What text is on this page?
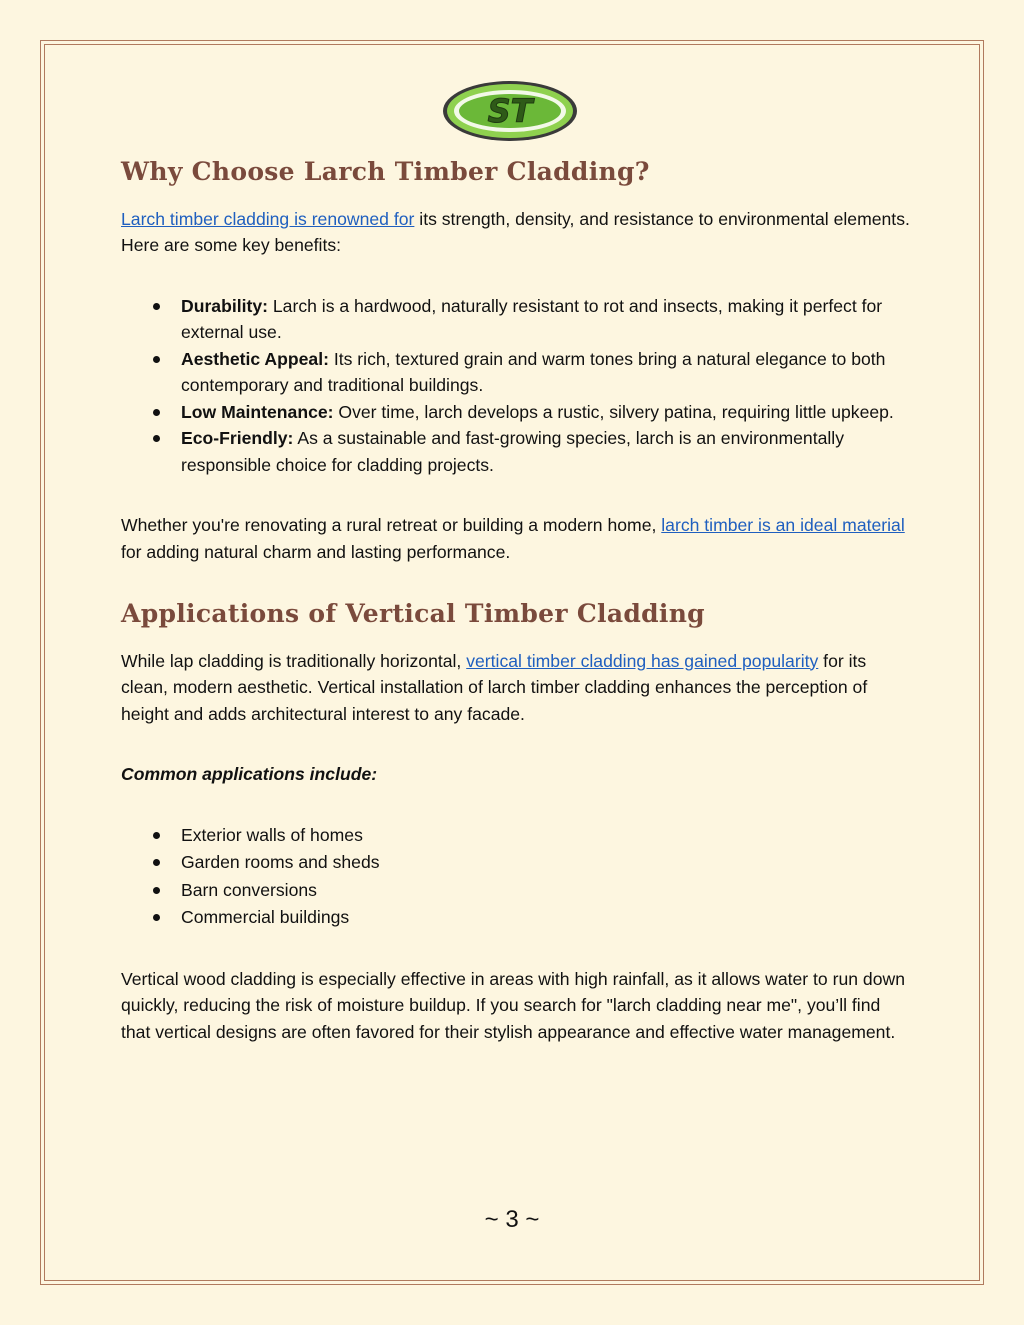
ST
Why Choose Larch Timber Cladding?

Larch timber cladding is renowned for its strength, density, and resistance to environmental elements. Here are some key benefits:

Durability: Larch is a hardwood, naturally resistant to rot and insects, making it perfect for external use.
Aesthetic Appeal: Its rich, textured grain and warm tones bring a natural elegance to both contemporary and traditional buildings.
Low Maintenance: Over time, larch develops a rustic, silvery patina, requiring little upkeep.
Eco-Friendly: As a sustainable and fast-growing species, larch is an environmentally responsible choice for cladding projects.

Whether you're renovating a rural retreat or building a modern home, larch timber is an ideal material for adding natural charm and lasting performance.

Applications of Vertical Timber Cladding

While lap cladding is traditionally horizontal, vertical timber cladding has gained popularity for its clean, modern aesthetic. Vertical installation of larch timber cladding enhances the perception of height and adds architectural interest to any facade.

Common applications include:

Exterior walls of homes
Garden rooms and sheds
Barn conversions
Commercial buildings

Vertical wood cladding is especially effective in areas with high rainfall, as it allows water to run down quickly, reducing the risk of moisture buildup. If you search for "larch cladding near me", you’ll find that vertical designs are often favored for their stylish appearance and effective water management.

~ 3 ~
